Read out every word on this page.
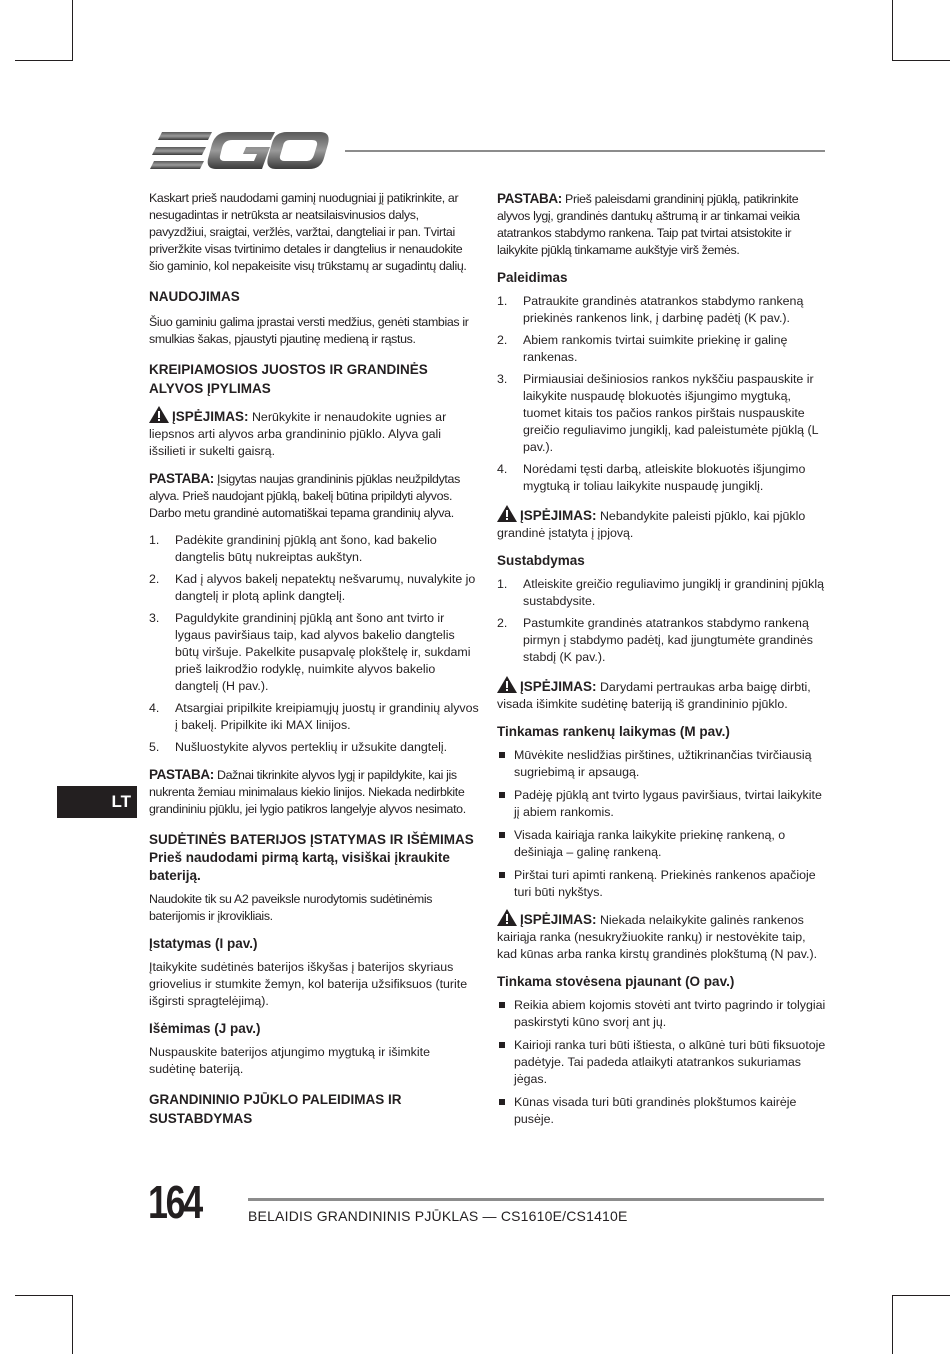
Kaskart prieš naudodami gaminį nuodugniai jį patikrinkite, ar nesugadintas ir netrūksta ar neatsilaisvinusios dalys, pavyzdžiui, sraigtai, veržlės, varžtai, dangteliai ir pan. Tvirtai priveržkite visas tvirtinimo detales ir dangtelius ir nenaudokite šio gaminio, kol nepakeisite visų trūkstamų ar sugadintų dalių.

NAUDOJIMAS

Šiuo gaminiu galima įprastai versti medžius, genėti stambias ir smulkias šakas, pjaustyti pjautinę medieną ir rąstus.

KREIPIAMOSIOS JUOSTOS IR GRANDINĖS ALYVOS ĮPYLIMAS

ĮSPĖJIMAS: Nerūkykite ir nenaudokite ugnies ar liepsnos arti alyvos arba grandininio pjūklo. Alyva gali išsilieti ir sukelti gaisrą.

PASTABA: Įsigytas naujas grandininis pjūklas neužpildytas alyva. Prieš naudojant pjūklą, bakelį būtina pripildyti alyvos. Darbo metu grandinė automatiškai tepama grandinių alyva.

1. Padėkite grandininį pjūklą ant šono, kad bakelio dangtelis būtų nukreiptas aukštyn.
2. Kad į alyvos bakelį nepatektų nešvarumų, nuvalykite jo dangtelį ir plotą aplink dangtelį.
3. Paguldykite grandininį pjūklą ant šono ant tvirto ir lygaus paviršiaus taip, kad alyvos bakelio dangtelis būtų viršuje. Pakelkite pusapvalę plokštelę ir, sukdami prieš laikrodžio rodyklę, nuimkite alyvos bakelio dangtelį (H pav.).
4. Atsargiai pripilkite kreipiamųjų juostų ir grandinių alyvos į bakelį. Pripilkite iki MAX linijos.
5. Nušluostykite alyvos perteklių ir užsukite dangtelį.

PASTABA: Dažnai tikrinkite alyvos lygį ir papildykite, kai jis nukrenta žemiau minimalaus kiekio linijos. Niekada nedirbkite grandininiu pjūklu, jei lygio patikros langelyje alyvos nesimato.

SUDĖTINĖS BATERIJOS ĮSTATYMAS IR IŠĖMIMAS
Prieš naudodami pirmą kartą, visiškai įkraukite bateriją.

Naudokite tik su A2 paveiksle nurodytomis sudėtinėmis baterijomis ir įkrovikliais.

Įstatymas (I pav.)

Įtaikykite sudėtinės baterijos iškyšas į baterijos skyriaus griovelius ir stumkite žemyn, kol baterija užsifiksuos (turite išgirsti spragtelėjimą).

Išėmimas (J pav.)

Nuspauskite baterijos atjungimo mygtuką ir išimkite sudėtinę bateriją.

GRANDININIO PJŪKLO PALEIDIMAS IR SUSTABDYMAS

PASTABA: Prieš paleisdami grandininį pjūklą, patikrinkite alyvos lygį, grandinės dantukų aštrumą ir ar tinkamai veikia atatrankos stabdymo rankena. Taip pat tvirtai atsistokite ir laikykite pjūklą tinkamame aukštyje virš žemės.

Paleidimas
1. Patraukite grandinės atatrankos stabdymo rankeną priekinės rankenos link, į darbinę padėtį (K pav.).
2. Abiem rankomis tvirtai suimkite priekinę ir galinę rankenas.
3. Pirmiausiai dešiniosios rankos nykščiu paspauskite ir laikykite nuspaudę blokuotės išjungimo mygtuką, tuomet kitais tos pačios rankos pirštais nuspauskite greičio reguliavimo jungiklį, kad paleistumėte pjūklą (L pav.).
4. Norėdami tęsti darbą, atleiskite blokuotės išjungimo mygtuką ir toliau laikykite nuspaudę jungiklį.

ĮSPĖJIMAS: Nebandykite paleisti pjūklo, kai pjūklo grandinė įstatyta į įpjovą.

Sustabdymas
1. Atleiskite greičio reguliavimo jungiklį ir grandininį pjūklą sustabdysite.
2. Pastumkite grandinės atatrankos stabdymo rankeną pirmyn į stabdymo padėtį, kad įjungtumėte grandinės stabdį (K pav.).

ĮSPĖJIMAS: Darydami pertraukas arba baigę dirbti, visada išimkite sudėtinę bateriją iš grandininio pjūklo.

Tinkamas rankenų laikymas (M pav.)
Mūvėkite neslidžias pirštines, užtikrinančias tvirčiausią sugriebimą ir apsaugą.
Padėję pjūklą ant tvirto lygaus paviršiaus, tvirtai laikykite jį abiem rankomis.
Visada kairiąja ranka laikykite priekinę rankeną, o dešiniąja – galinę rankeną.
Pirštai turi apimti rankeną. Priekinės rankenos apačioje turi būti nykštys.

ĮSPĖJIMAS: Niekada nelaikykite galinės rankenos kairiąja ranka (nesukryžiuokite rankų) ir nestovėkite taip, kad kūnas arba ranka kirstų grandinės plokštumą (N pav.).

Tinkama stovėsena pjaunant (O pav.)
Reikia abiem kojomis stovėti ant tvirto pagrindo ir tolygiai paskirstyti kūno svorį ant jų.
Kairioji ranka turi būti ištiesta, o alkūnė turi būti fiksuotoje padėtyje. Tai padeda atlaikyti atatrankos sukuriamas jėgas.
Kūnas visada turi būti grandinės plokštumos kairėje pusėje.
LT
164	BELAIDIS GRANDININIS PJŪKLAS — CS1610E/CS1410E
